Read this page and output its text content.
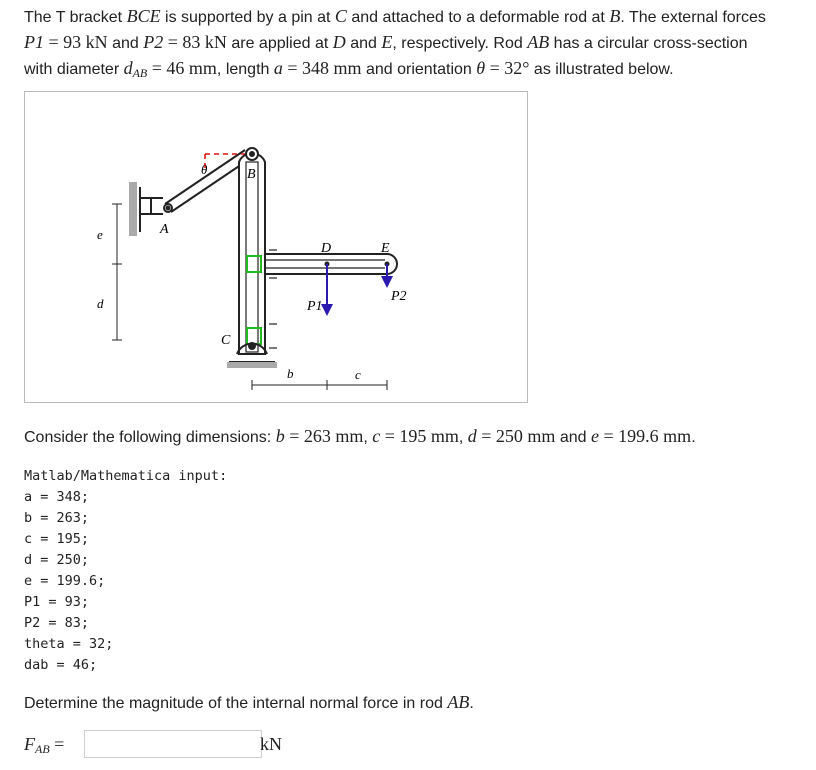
The T bracket BCE is supported by a pin at C and attached to a deformable rod at B. The external forces
P1 = 93 kN and P2 = 83 kN are applied at D and E, respectively. Rod AB has a circular cross-section
with diameter $d_{AB} = 46$ mm, length a = 348 mm and orientation θ = 32° as illustrated below.
θ
e
d
A
B
C
D	E
P1
P2
b	c
Consider the following dimensions: b = 263 mm, c = 195 mm, d = 250 mm and e = 199.6 mm.
Matlab/Mathematica input:
a = 348;
b = 263;
c = 195;
d = 250;
e = 199.6;
P1 = 93;
P2 = 83;
theta = 32;
dab = 46;
Determine the magnitude of the internal normal force in rod AB.
$F_{AB}$ =	kN
